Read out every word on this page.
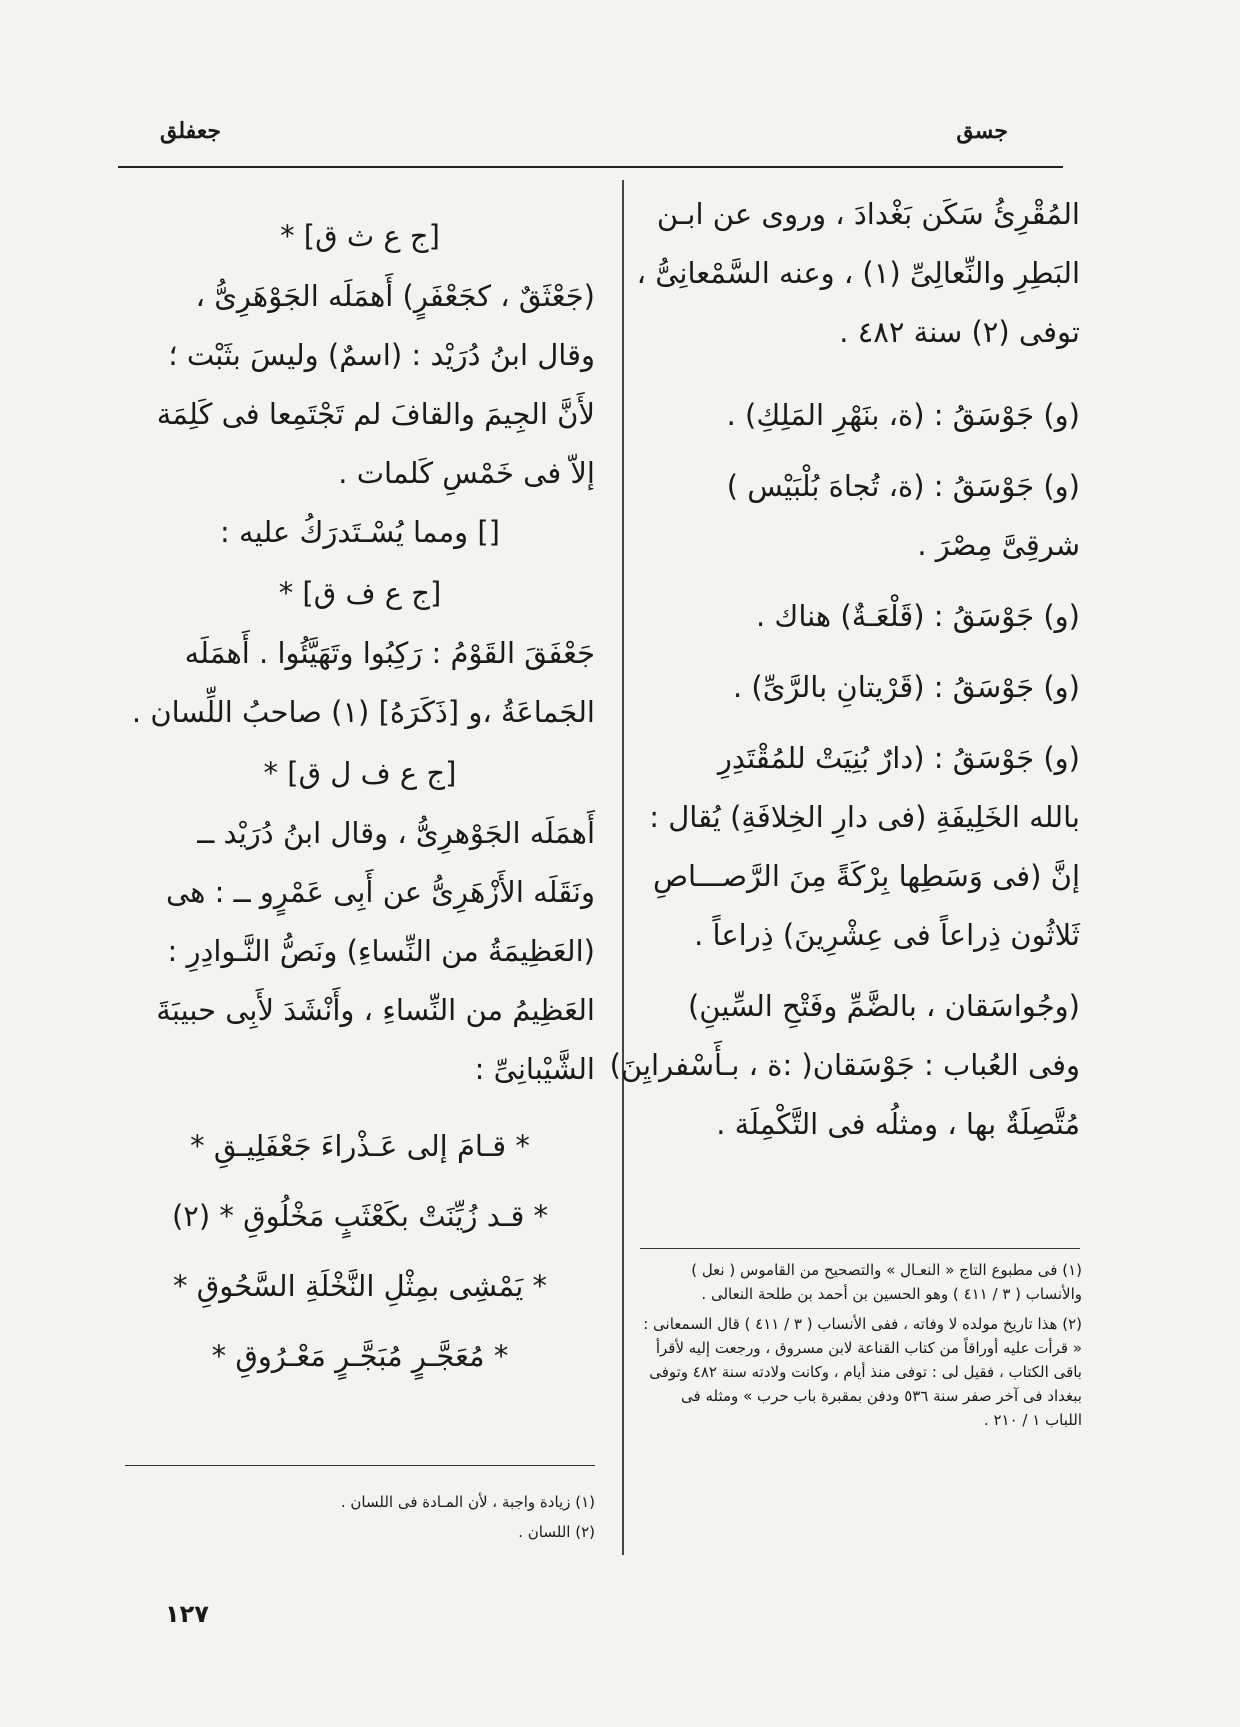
جسق
جعفلق
المُقْرِئُ سَكَن بَغْدادَ ، وروى عن ابـن
البَطِرِ والنِّعالِىِّ (١) ، وعنه السَّمْعانِىُّ ،
توفى (٢) سنة ٤٨٢ .
(و) جَوْسَقُ : (ة، بنَهْرِ المَلِكِ) .
(و) جَوْسَقُ : (ة، تُجاهَ بُلْبَيْس )
شرقِىَّ مِصْرَ .
(و) جَوْسَقُ : (قَلْعَـةٌ) هناك .
(و) جَوْسَقُ : (قَرْيتانِ بالرَّىِّ) .
(و) جَوْسَقُ : (دارٌ بُنِيَتْ للمُقْتَدِرِ
بالله الخَلِيفَةِ (فى دارِ الخِلافَةِ) يُقال :
إنَّ (فى وَسَطِها بِرْكَةً مِنَ الرَّصـــاصِ
ثَلاثُون ذِراعاً فى عِشْرِينَ) ذِراعاً .
(وجُواسَقان ، بالضَّمِّ وفَتْحِ السِّينِ)
وفى العُباب : جَوْسَقان( :ة ، بـأَسْفرايِنَ)
مُتَّصِلَةٌ بها ، ومثلُه فى التَّكْمِلَة .

(١) فى مطبوع التاج « النعـال » والتصحيح من القاموس ( نعل ) والأنساب ( ٣ / ٤١١ ) وهو الحسين بن أحمد بن طلحة النعالى .

(٢) هذا تاريخ مولده لا وفاته ، ففى الأنساب ( ٣ / ٤١١ ) قال السمعانى : « قرأت عليه أوراقاً من كتاب القناعة لابن مسروق ، ورجعت إليه لأقرأ باقى الكتاب ، فقيل لى : توفى منذ أيام ، وكانت ولادته سنة ٤٨٢ وتوفى ببغداد فى آخر صفر سنة ٥٣٦ ودفن بمقبرة باب حرب » ومثله فى اللباب ١ / ٢١٠ .

[ج ع ث ق] *
(جَعْثَقٌ ، كجَعْفَرٍ) أَهمَلَه الجَوْهَرِىُّ ،
وقال ابنُ دُرَيْد : (اسمٌ) وليسَ بثَبْت ؛
لأَنَّ الجِيمَ والقافَ لم تَجْتَمِعا فى كَلِمَة
إلاّ فى خَمْسِ كَلمات .
[] ومما يُسْـتَدرَكُ عليه :
[ج ع ف ق] *
جَعْفَقَ القَوْمُ : رَكِبُوا وتَهَيَّئُوا . أَهمَلَه
الجَماعَةُ ،و [ذَكَرَهُ] (١) صاحبُ اللِّسان .
[ج ع ف ل ق] *
أَهمَلَه الجَوْهرِىُّ ، وقال ابنُ دُرَيْد ــ
ونَقَلَه الأَزْهَرِىُّ عن أَبِى عَمْرٍو ــ : هى
(العَظِيمَةُ من النِّساءِ) ونَصُّ النَّـوادِرِ :
العَظِيمُ من النِّساءِ ، وأَنْشَدَ لأَبِى حبيبَةَ
الشَّيْبانِىِّ :
* قـامَ إلى عَـذْراءَ جَعْفَلِيـقِ *
* قـد زُيِّنَتْ بكَعْثَبٍ مَخْلُوقِ * (٢)
* يَمْشِى بمِثْلِ النَّخْلَةِ السَّحُوقِ *
* مُعَجَّـرٍ مُبَجَّـرٍ مَعْـرُوقِ *

(١) زيادة واجبة ، لأن المـادة فى اللسان .

(٢) اللسان .

١٢٧
